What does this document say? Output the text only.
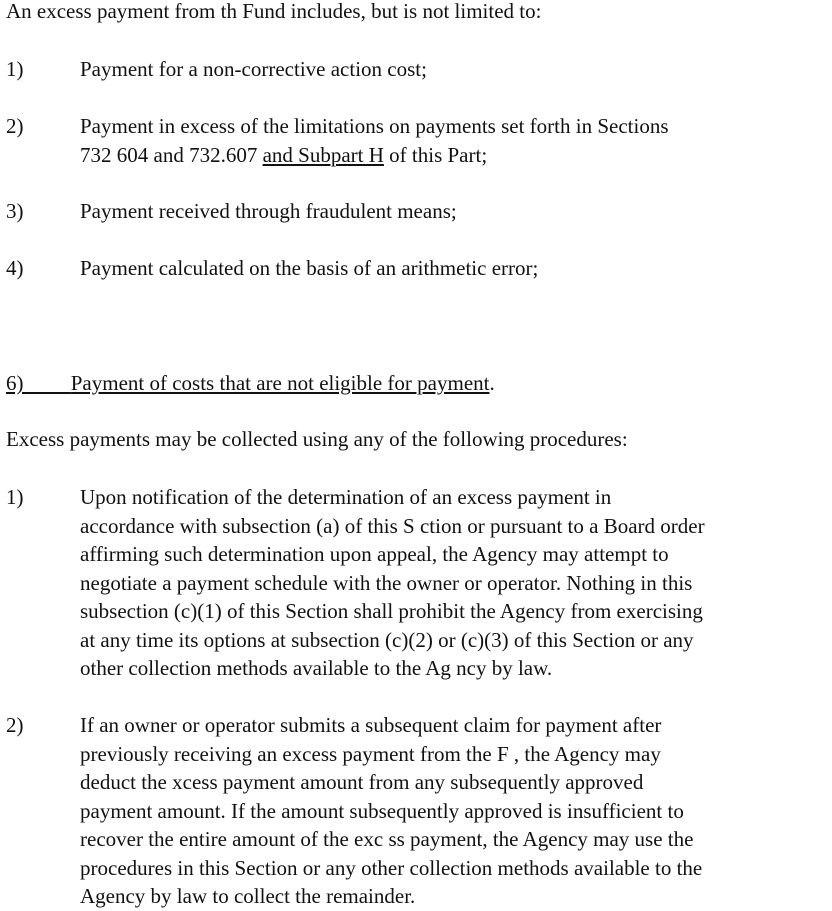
An excess payment from th Fund includes, but is not limited to:
1)	Payment for a non-corrective action cost;
2)	Payment in excess of the limitations on payments set forth in Sections
732 604 and 732.607 and Subpart H of this Part;
3)	Payment received through fraudulent means;
4)	Payment calculated on the basis of an arithmetic error;
6) Payment of costs that are not eligible for payment.
Excess payments may be collected using any of the following procedures:
1)	Upon notification of the determination of an excess payment in
accordance with subsection (a) of this S ction or pursuant to a Board order
affirming such determination upon appeal, the Agency may attempt to
negotiate a payment schedule with the owner or operator. Nothing in this
subsection (c)(1) of this Section shall prohibit the Agency from exercising
at any time its options at subsection (c)(2) or (c)(3) of this Section or any
other collection methods available to the Ag ncy by law.
2)	If an owner or operator submits a subsequent claim for payment after
previously receiving an excess payment from the F , the Agency may
deduct the xcess payment amount from any subsequently approved
payment amount. If the amount subsequently approved is insufficient to
recover the entire amount of the exc ss payment, the Agency may use the
procedures in this Section or any other collection methods available to the
Agency by law to collect the remainder.
